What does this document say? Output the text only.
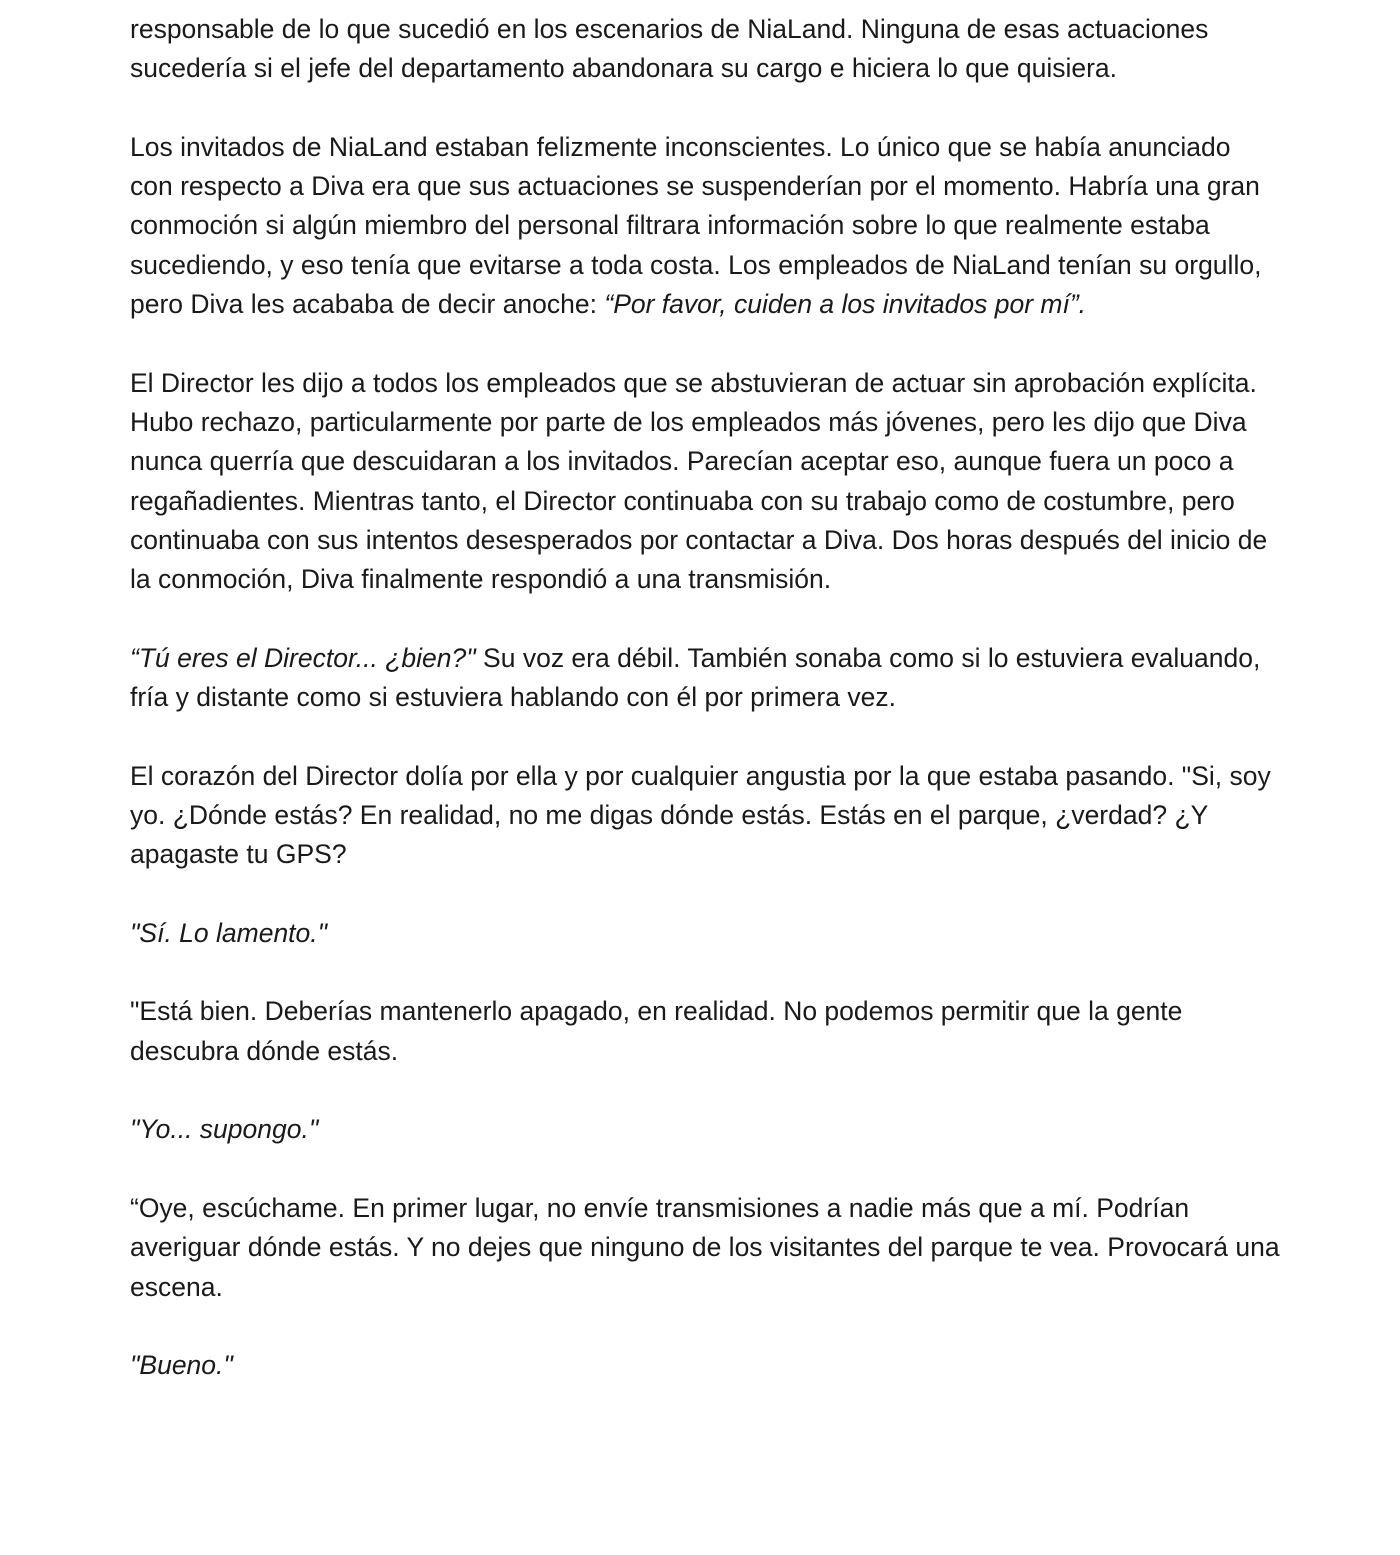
responsable de lo que sucedió en los escenarios de NiaLand. Ninguna de esas actuaciones sucedería si el jefe del departamento abandonara su cargo e hiciera lo que quisiera.

Los invitados de NiaLand estaban felizmente inconscientes. Lo único que se había anunciado con respecto a Diva era que sus actuaciones se suspenderían por el momento. Habría una gran conmoción si algún miembro del personal filtrara información sobre lo que realmente estaba sucediendo, y eso tenía que evitarse a toda costa. Los empleados de NiaLand tenían su orgullo, pero Diva les acababa de decir anoche: “Por favor, cuiden a los invitados por mí”.

El Director les dijo a todos los empleados que se abstuvieran de actuar sin aprobación explícita. Hubo rechazo, particularmente por parte de los empleados más jóvenes, pero les dijo que Diva nunca querría que descuidaran a los invitados. Parecían aceptar eso, aunque fuera un poco a regañadientes. Mientras tanto, el Director continuaba con su trabajo como de costumbre, pero continuaba con sus intentos desesperados por contactar a Diva. Dos horas después del inicio de la conmoción, Diva finalmente respondió a una transmisión.

“Tú eres el Director... ¿bien?" Su voz era débil. También sonaba como si lo estuviera evaluando, fría y distante como si estuviera hablando con él por primera vez.

El corazón del Director dolía por ella y por cualquier angustia por la que estaba pasando. "Si, soy yo. ¿Dónde estás? En realidad, no me digas dónde estás. Estás en el parque, ¿verdad? ¿Y apagaste tu GPS?

"Sí. Lo lamento."

"Está bien. Deberías mantenerlo apagado, en realidad. No podemos permitir que la gente descubra dónde estás.

"Yo... supongo."

“Oye, escúchame. En primer lugar, no envíe transmisiones a nadie más que a mí. Podrían averiguar dónde estás. Y no dejes que ninguno de los visitantes del parque te vea. Provocará una escena.

"Bueno."
